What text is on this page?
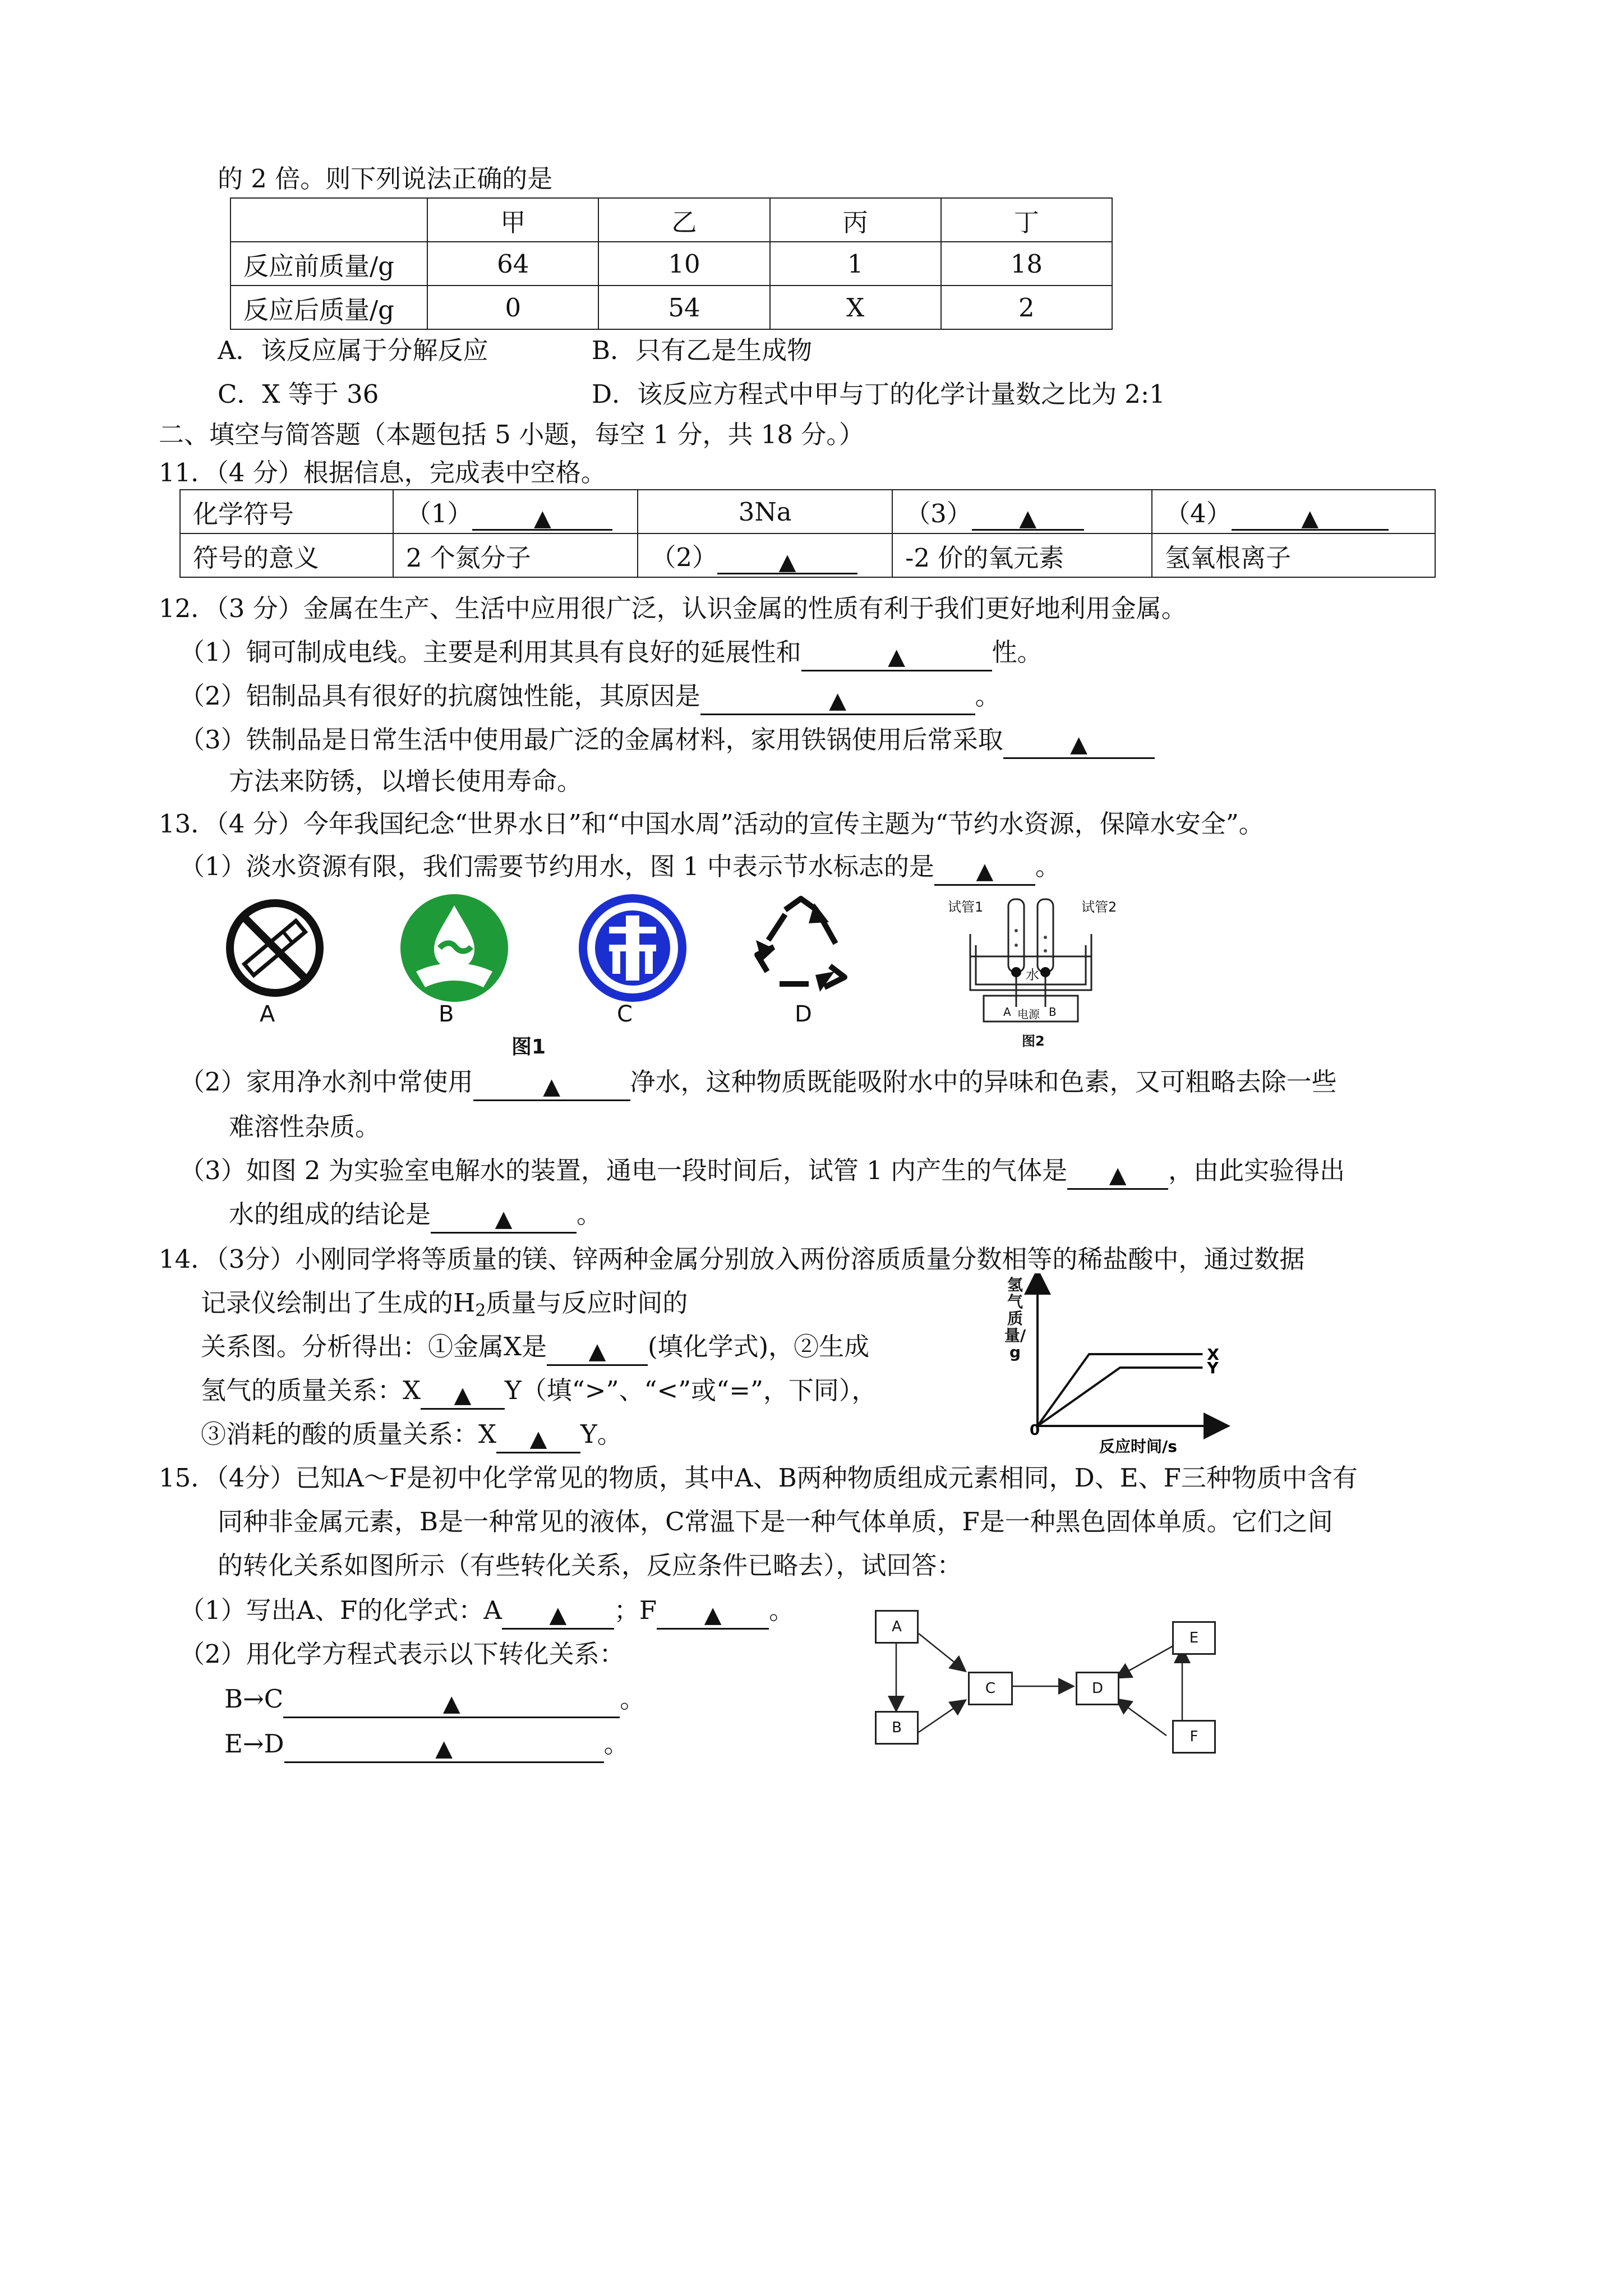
的 2 倍。则下列说法正确的是
	甲	乙	丙	丁
反应前质量/g	64	10	1	18
反应后质量/g	0	54	X	2
A．该反应属于分解反应	B．只有乙是生成物
C．X 等于 36	D．该反应方程式中甲与丁的化学计量数之比为 2:1
二、填空与简答题（本题包括 5 小题，每空 1 分，共 18 分。）
11．（4 分）根据信息，完成表中空格。
化学符号	（1） ▲	3Na	（3） ▲	（4） ▲
符号的意义	2 个氮分子	（2） ▲	-2 价的氧元素	氢氧根离子
12．（3 分）金属在生产、生活中应用很广泛，认识金属的性质有利于我们更好地利用金属。
（1）铜可制成电线。主要是利用其具有良好的延展性和	▲	性。
（2）铝制品具有很好的抗腐蚀性能，其原因是	▲	。
（3）铁制品是日常生活中使用最广泛的金属材料，家用铁锅使用后常采取	▲
方法来防锈，以增长使用寿命。
13．（4 分）今年我国纪念“世界水日”和“中国水周”活动的宣传主题为“节约水资源，保障水安全”。
（1）淡水资源有限，我们需要节约用水，图 1 中表示节水标志的是 ▲ 。
A	B	C	D
图1
试管1	试管2
水
A 电源 B
图2
（2）家用净水剂中常使用	▲	净水，这种物质既能吸附水中的异味和色素，又可粗略去除一些
难溶性杂质。
（3）如图 2 为实验室电解水的装置，通电一段时间后，试管 1 内产生的气体是 ▲ ，由此实验得出
水的组成的结论是	▲	。
14．（3分）小刚同学将等质量的镁、锌两种金属分别放入两份溶质质量分数相等的稀盐酸中，通过数据
记录仪绘制出了生成的$H_2$质量与反应时间的
关系图。分析得出：①金属X是 ▲ (填化学式)，②生成
氢气的质量关系：X ▲ Y（填“>”、“<”或“=”，下同），
③消耗的酸的质量关系：X ▲ Y。
X
Y
0
反应时间/s
氢气质量/g
15．（4分）已知A～F是初中化学常见的物质，其中A、B两种物质组成元素相同，D、E、F三种物质中含有
同种非金属元素，B是一种常见的液体，C常温下是一种气体单质，F是一种黑色固体单质。它们之间
的转化关系如图所示（有些转化关系，反应条件已略去），试回答：
（1）写出A、F的化学式：A ▲ ；F ▲ 。
（2）用化学方程式表示以下转化关系：
B→C	▲	。
E→D	▲	。
A
B
C	D
E
F
